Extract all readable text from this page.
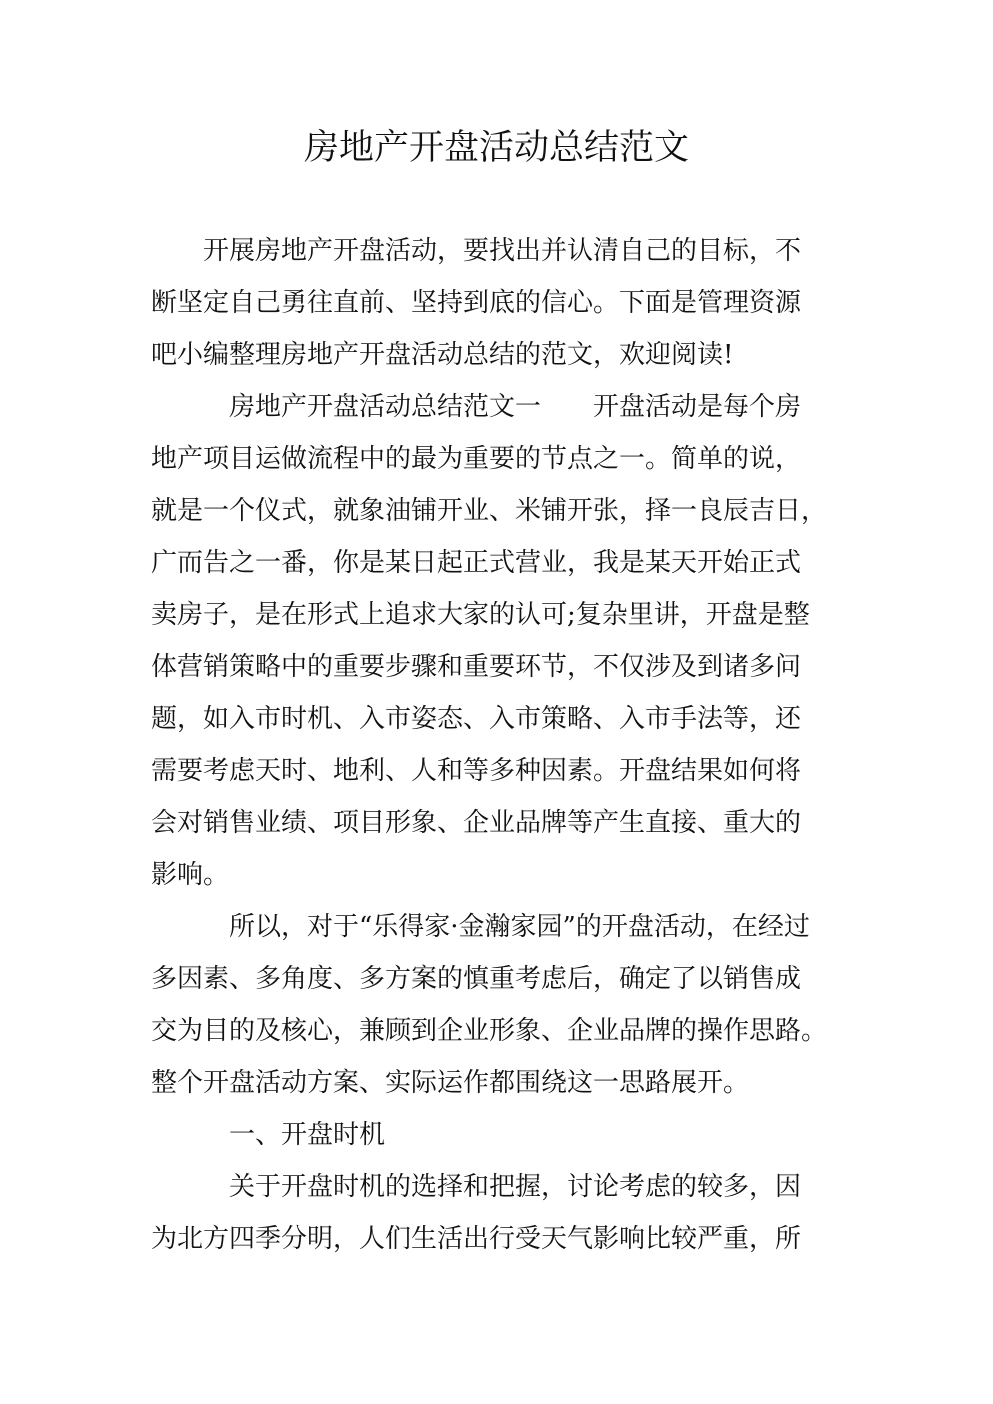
房地产开盘活动总结范文
开展房地产开盘活动，要找出并认清自己的目标，不
断坚定自己勇往直前、坚持到底的信心。下面是管理资源
吧小编整理房地产开盘活动总结的范文，欢迎阅读!
房地产开盘活动总结范文一 开盘活动是每个房
地产项目运做流程中的最为重要的节点之一。简单的说，
就是一个仪式，就象油铺开业、米铺开张，择一良辰吉日，
广而告之一番，你是某日起正式营业，我是某天开始正式
卖房子，是在形式上追求大家的认可;复杂里讲，开盘是整
体营销策略中的重要步骤和重要环节，不仅涉及到诸多问
题，如入市时机、入市姿态、入市策略、入市手法等，还
需要考虑天时、地利、人和等多种因素。开盘结果如何将
会对销售业绩、项目形象、企业品牌等产生直接、重大的
影响。
所以，对于“乐得家·金瀚家园”的开盘活动，在经过
多因素、多角度、多方案的慎重考虑后，确定了以销售成
交为目的及核心，兼顾到企业形象、企业品牌的操作思路。
整个开盘活动方案、实际运作都围绕这一思路展开。
一、开盘时机
关于开盘时机的选择和把握，讨论考虑的较多，因
为北方四季分明，人们生活出行受天气影响比较严重，所
